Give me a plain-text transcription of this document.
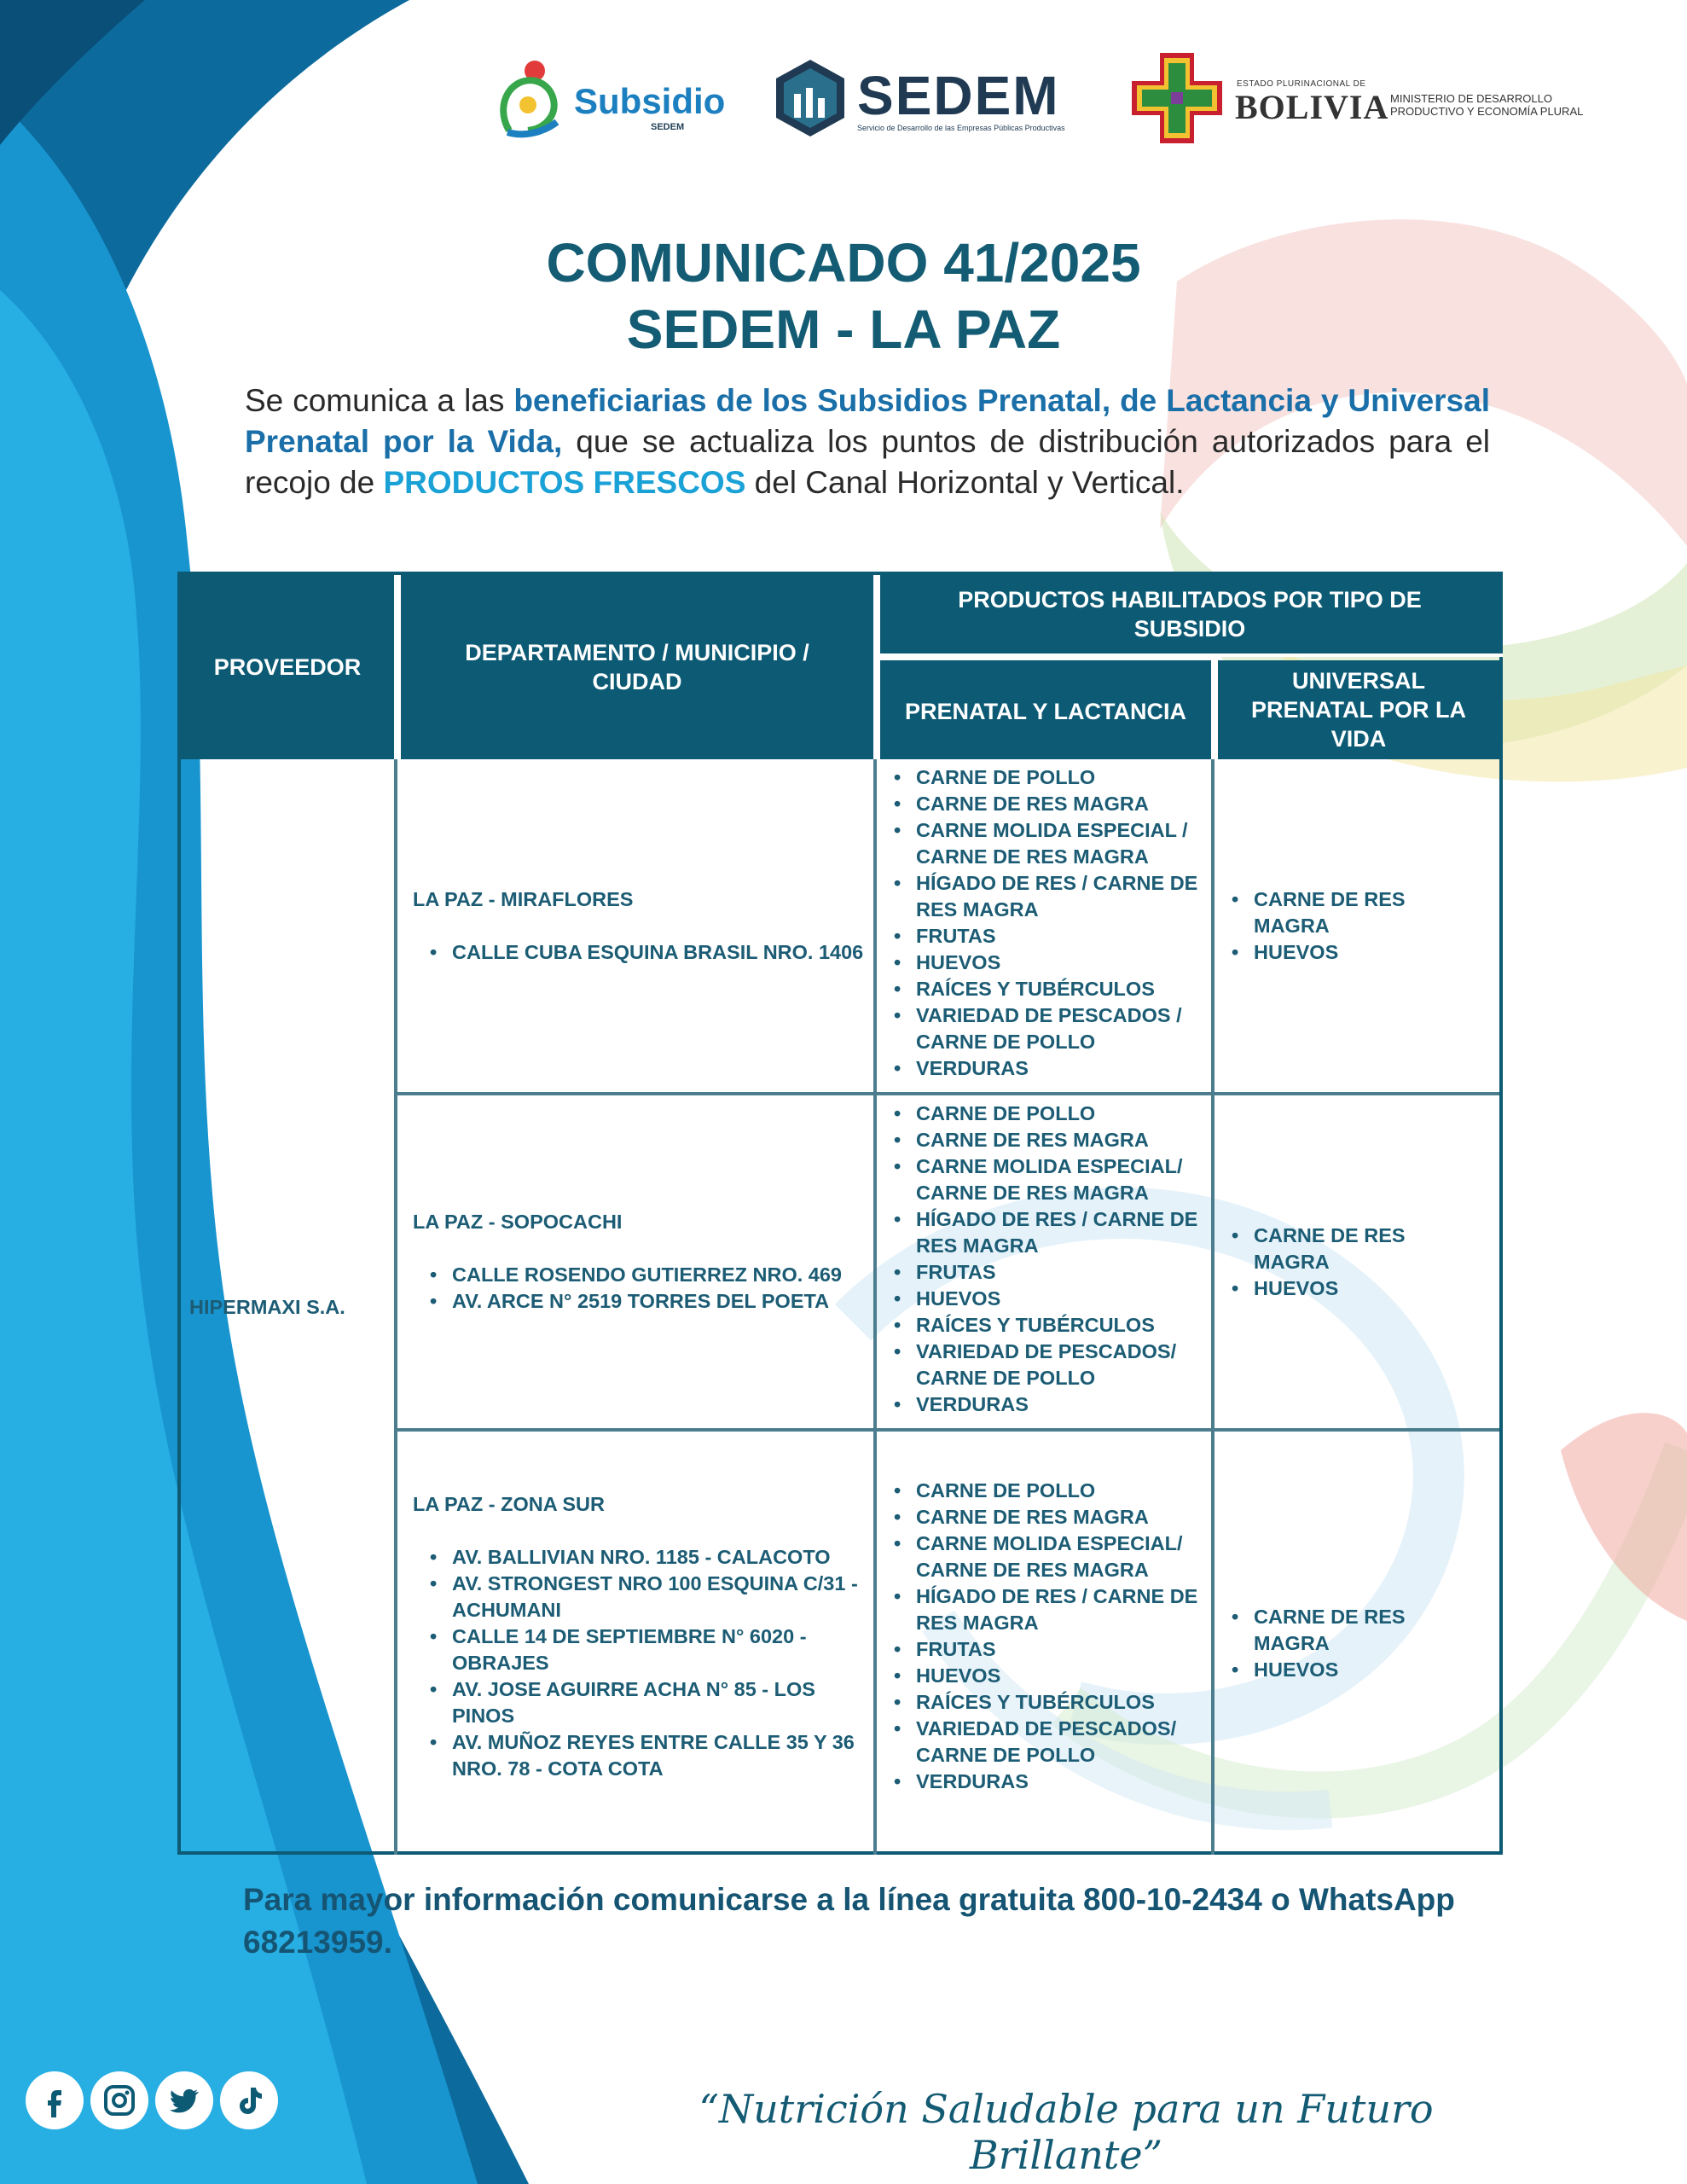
Subsidio
SEDEM
SEDEM
Servicio de Desarrollo de las Empresas Públicas Productivas
ESTADO PLURINACIONAL DE
BOLIVIA MINISTERIO DE DESARROLLO
PRODUCTIVO Y ECONOMÍA PLURAL
COMUNICADO 41/2025
SEDEM - LA PAZ

Se comunica a las beneficiarias de los Subsidios Prenatal, de Lactancia y Universal Prenatal por la Vida, que se actualiza los puntos de distribución autorizados para el recojo de PRODUCTOS FRESCOS del Canal Horizontal y Vertical.

PROVEEDOR
DEPARTAMENTO / MUNICIPIO / CIUDAD
PRODUCTOS HABILITADOS POR TIPO DE SUBSIDIO
PRENATAL Y LACTANCIA
UNIVERSAL PRENATAL POR LA VIDA
HIPERMAXI S.A.
LA PAZ - MIRAFLORES
• CALLE CUBA ESQUINA BRASIL NRO. 1406
• CARNE DE POLLO
• CARNE DE RES MAGRA
• CARNE MOLIDA ESPECIAL / CARNE DE RES MAGRA
• HÍGADO DE RES / CARNE DE RES MAGRA
• FRUTAS
• HUEVOS
• RAÍCES Y TUBÉRCULOS
• VARIEDAD DE PESCADOS / CARNE DE POLLO
• VERDURAS
• CARNE DE RES MAGRA
• HUEVOS
LA PAZ - SOPOCACHI
• CALLE ROSENDO GUTIERREZ NRO. 469
• AV. ARCE N° 2519 TORRES DEL POETA
• CARNE DE POLLO
• CARNE DE RES MAGRA
• CARNE MOLIDA ESPECIAL/ CARNE DE RES MAGRA
• HÍGADO DE RES / CARNE DE RES MAGRA
• FRUTAS
• HUEVOS
• RAÍCES Y TUBÉRCULOS
• VARIEDAD DE PESCADOS/ CARNE DE POLLO
• VERDURAS
• CARNE DE RES MAGRA
• HUEVOS
LA PAZ - ZONA SUR
• AV. BALLIVIAN NRO. 1185 - CALACOTO
• AV. STRONGEST NRO 100 ESQUINA C/31 - ACHUMANI
• CALLE 14 DE SEPTIEMBRE N° 6020 - OBRAJES
• AV. JOSE AGUIRRE ACHA N° 85 - LOS PINOS
• AV. MUÑOZ REYES ENTRE CALLE 35 Y 36 NRO. 78 - COTA COTA
• CARNE DE POLLO
• CARNE DE RES MAGRA
• CARNE MOLIDA ESPECIAL/ CARNE DE RES MAGRA
• HÍGADO DE RES / CARNE DE RES MAGRA
• FRUTAS
• HUEVOS
• RAÍCES Y TUBÉRCULOS
• VARIEDAD DE PESCADOS/ CARNE DE POLLO
• VERDURAS
• CARNE DE RES MAGRA
• HUEVOS
Para mayor información comunicarse a la línea gratuita 800-10-2434 o WhatsApp 68213959.
“Nutrición Saludable para un Futuro Brillante”
